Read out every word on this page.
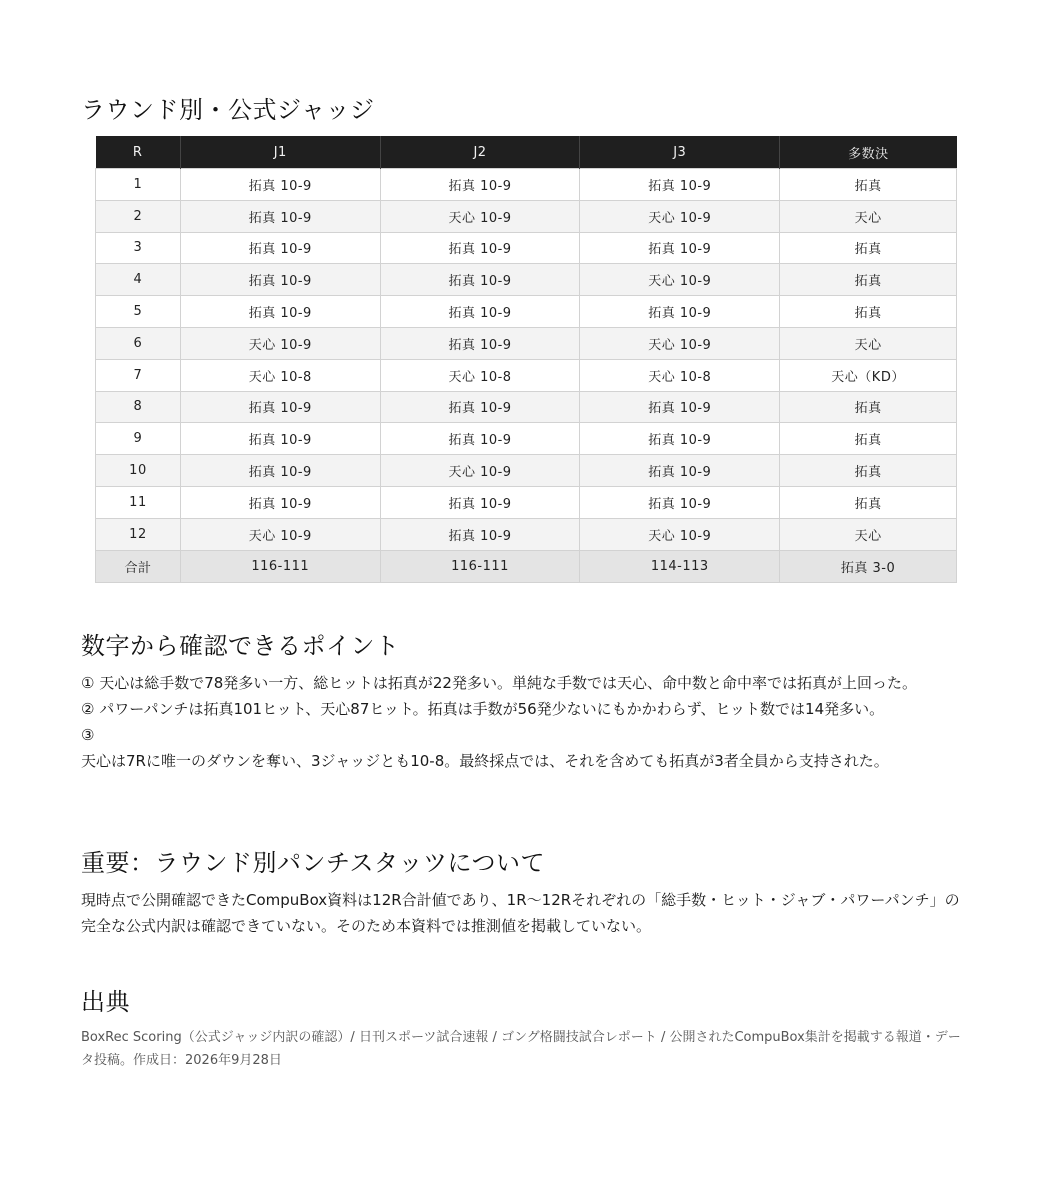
ラウンド別・公式ジャッジ
R	J1	J2	J3	多数決
1	拓真 10-9	拓真 10-9	拓真 10-9	拓真
2	拓真 10-9	天心 10-9	天心 10-9	天心
3	拓真 10-9	拓真 10-9	拓真 10-9	拓真
4	拓真 10-9	拓真 10-9	天心 10-9	拓真
5	拓真 10-9	拓真 10-9	拓真 10-9	拓真
6	天心 10-9	拓真 10-9	天心 10-9	天心
7	天心 10-8	天心 10-8	天心 10-8	天心（KD）
8	拓真 10-9	拓真 10-9	拓真 10-9	拓真
9	拓真 10-9	拓真 10-9	拓真 10-9	拓真
10	拓真 10-9	天心 10-9	拓真 10-9	拓真
11	拓真 10-9	拓真 10-9	拓真 10-9	拓真
12	天心 10-9	拓真 10-9	天心 10-9	天心
合計	116-111	116-111	114-113	拓真 3-0
数字から確認できるポイント

① 天心は総手数で78発多い一方、総ヒットは拓真が22発多い。単純な手数では天心、命中数と命中率では拓真が上回った。

② パワーパンチは拓真101ヒット、天心87ヒット。拓真は手数が56発少ないにもかかわらず、ヒット数では14発多い。

③

天心は7Rに唯一のダウンを奪い、3ジャッジとも10-8。最終採点では、それを含めても拓真が3者全員から支持された。

重要：ラウンド別パンチスタッツについて

現時点で公開確認できたCompuBox資料は12R合計値であり、1R～12Rそれぞれの「総手数・ヒット・ジャブ・パワーパンチ」の完全な公式内訳は確認できていない。そのため本資料では推測値を掲載していない。

出典

BoxRec Scoring（公式ジャッジ内訳の確認）/ 日刊スポーツ試合速報 / ゴング格闘技試合レポート / 公開されたCompuBox集計を掲載する報道・データ投稿。作成日：2026年9月28日
